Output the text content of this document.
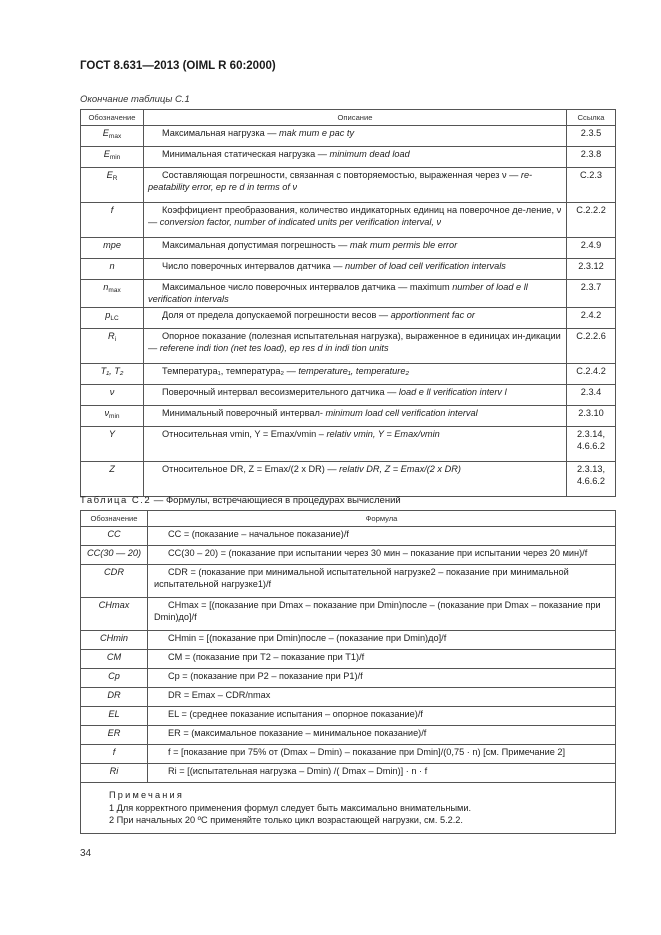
ГОСТ 8.631—2013 (OIML R 60:2000)
Окончание таблицы С.1
Обозначение	Описание	Ссылка
$E_{max}$	Максимальная нагрузка — mak mum e pac ty	2.3.5
$E_{min}$	Минимальная статическая нагрузка — minimum dead load	2.3.8
$E_R$	Составляющая погрешности, связанная с повторяемостью, выраженная через ν — re-peatability error, ep re d in terms of ν	C.2.3
f	Коэффициент преобразования, количество индикаторных единиц на поверочное де-ление, ν — conversion factor, number of indicated units per verification interval, ν	C.2.2.2
mpe	Максимальная допустимая погрешность — mak mum permis ble error	2.4.9
n	Число поверочных интервалов датчика — number of load cell verification intervals	2.3.12
$n_{max}$	Максимальное число поверочных интервалов датчика — maximum number of load e ll verification intervals	2.3.7
$p_{LC}$	Доля от предела допускаемой погрешности весов — apportionment fac or	2.4.2
$R_i$	Опорное показание (полезная испытательная нагрузка), выраженное в единицах ин-дикации — referene indi tion (net tes load), ep res d in indi tion units	C.2.2.6
T₁, T₂	Температура₁, температура₂ — temperature₁, temperature₂	C.2.4.2
ν	Поверочный интервал весоизмерительного датчика — load e ll verification interv l	2.3.4
$\nu_{min}$	Минимальный поверочный интервал- minimum load cell verification interval	2.3.10
Y	Относительная νmin, Y = Emax/νmin – relativ νmin, Y = Emax/νmin	2.3.14,
4.6.6.2
Z	Относительное DR, Z = Emax/(2 x DR) — relativ DR, Z = Emax/(2 x DR)	2.3.13,
4.6.6.2
Таблица С.2 — Формулы, встречающиеся в процедурах вычислений
Обозначение	Формула
CC	CC = (показание – начальное показание)/f
CC(30 — 20)	CC(30 – 20) = (показание при испытании через 30 мин – показание при испытании через 20 мин)/f
CDR	CDR = (показание при минимальной испытательной нагрузке2 – показание при минимальной испытательной нагрузке1)/f
CHmax	CHmax = [(показание при Dmax – показание при Dmin)после – (показание при Dmax – показание при Dmin)до]/f
CHmin	CHmin = [(показание при Dmin)после – (показание при Dmin)до]/f
CM	CM = (показание при T2 – показание при T1)/f
Cp	Cp = (показание при P2 – показание при P1)/f
DR	DR = Emax – CDR/nmax
EL	EL = (среднее показание испытания – опорное показание)/f
ER	ER = (максимальное показание – минимальное показание)/f
f	f = [показание при 75% от (Dmax – Dmin) – показание при Dmin]/(0,75 · n) [см. Примечание 2]
Ri	Ri = [(испытательная нагрузка – Dmin) /( Dmax – Dmin)] · n · f

Примечания
1 Для корректного применения формул следует быть максимально внимательными.
2 При начальных 20 ºС применяйте только цикл возрастающей нагрузки, см. 5.2.2.	
34
